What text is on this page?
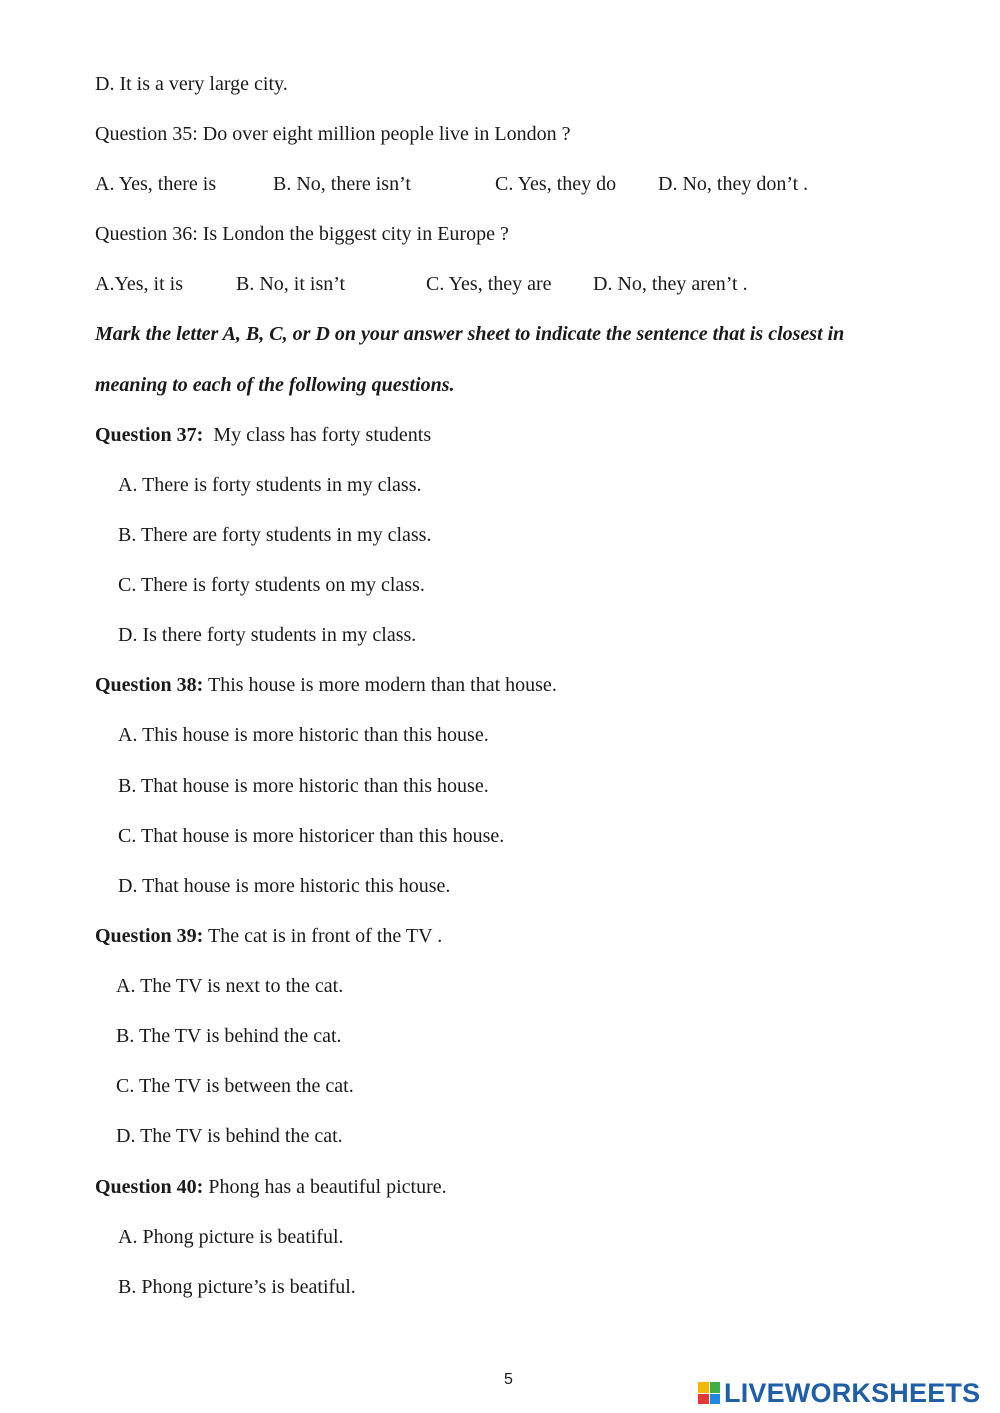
D. It is a very large city.
Question 35: Do over eight million people live in London ?
A. Yes, there is	B. No, there isn’t	C. Yes, they do D. No, they don’t .
Question 36: Is London the biggest city in Europe ?
A.Yes, it is	B. No, it isn’t	C. Yes, they are D. No, they aren’t .
Mark the letter A, B, C, or D on your answer sheet to indicate the sentence that is closest in
meaning to each of the following questions.
Question 37: My class has forty students
A. There is forty students in my class.
B. There are forty students in my class.
C. There is forty students on my class.
D. Is there forty students in my class.
Question 38: This house is more modern than that house.
A. This house is more historic than this house.
B. That house is more historic than this house.
C. That house is more historicer than this house.
D. That house is more historic this house.
Question 39: The cat is in front of the TV .
A. The TV is next to the cat.
B. The TV is behind the cat.
C. The TV is between the cat.
D. The TV is behind the cat.
Question 40: Phong has a beautiful picture.
A. Phong picture is beatiful.
B. Phong picture’s is beatiful.
5	LIVEWORKSHEETS
